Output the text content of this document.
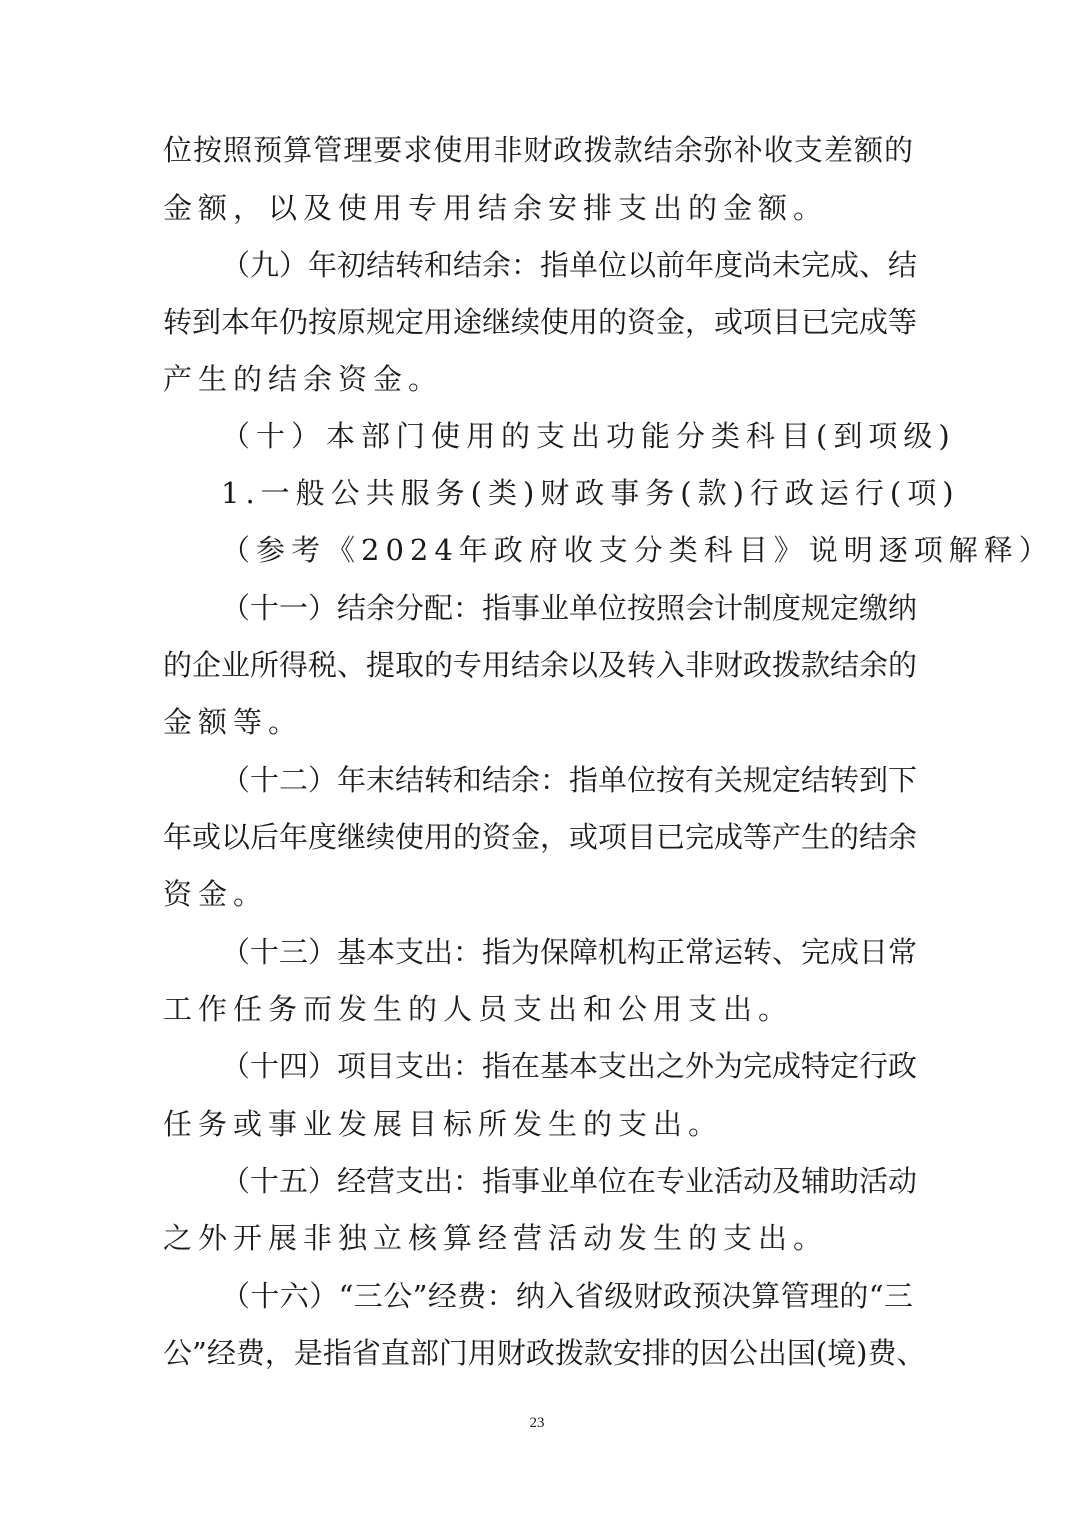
位按照预算管理要求使用非财政拨款结余弥补收支差额的
金额，以及使用专用结余安排支出的金额。
（九）年初结转和结余：指单位以前年度尚未完成、结
转到本年仍按原规定用途继续使用的资金，或项目已完成等
产生的结余资金。
（十）本部门使用的支出功能分类科目(到项级)
1.一般公共服务(类)财政事务(款)行政运行(项)
（参考《2024年政府收支分类科目》说明逐项解释）
（十一）结余分配：指事业单位按照会计制度规定缴纳
的企业所得税、提取的专用结余以及转入非财政拨款结余的
金额等。
（十二）年末结转和结余：指单位按有关规定结转到下
年或以后年度继续使用的资金，或项目已完成等产生的结余
资金。
（十三）基本支出：指为保障机构正常运转、完成日常
工作任务而发生的人员支出和公用支出。
（十四）项目支出：指在基本支出之外为完成特定行政
任务或事业发展目标所发生的支出。
（十五）经营支出：指事业单位在专业活动及辅助活动
之外开展非独立核算经营活动发生的支出。
（十六）“三公”经费：纳入省级财政预决算管理的“三
公”经费，是指省直部门用财政拨款安排的因公出国(境)费、
23
